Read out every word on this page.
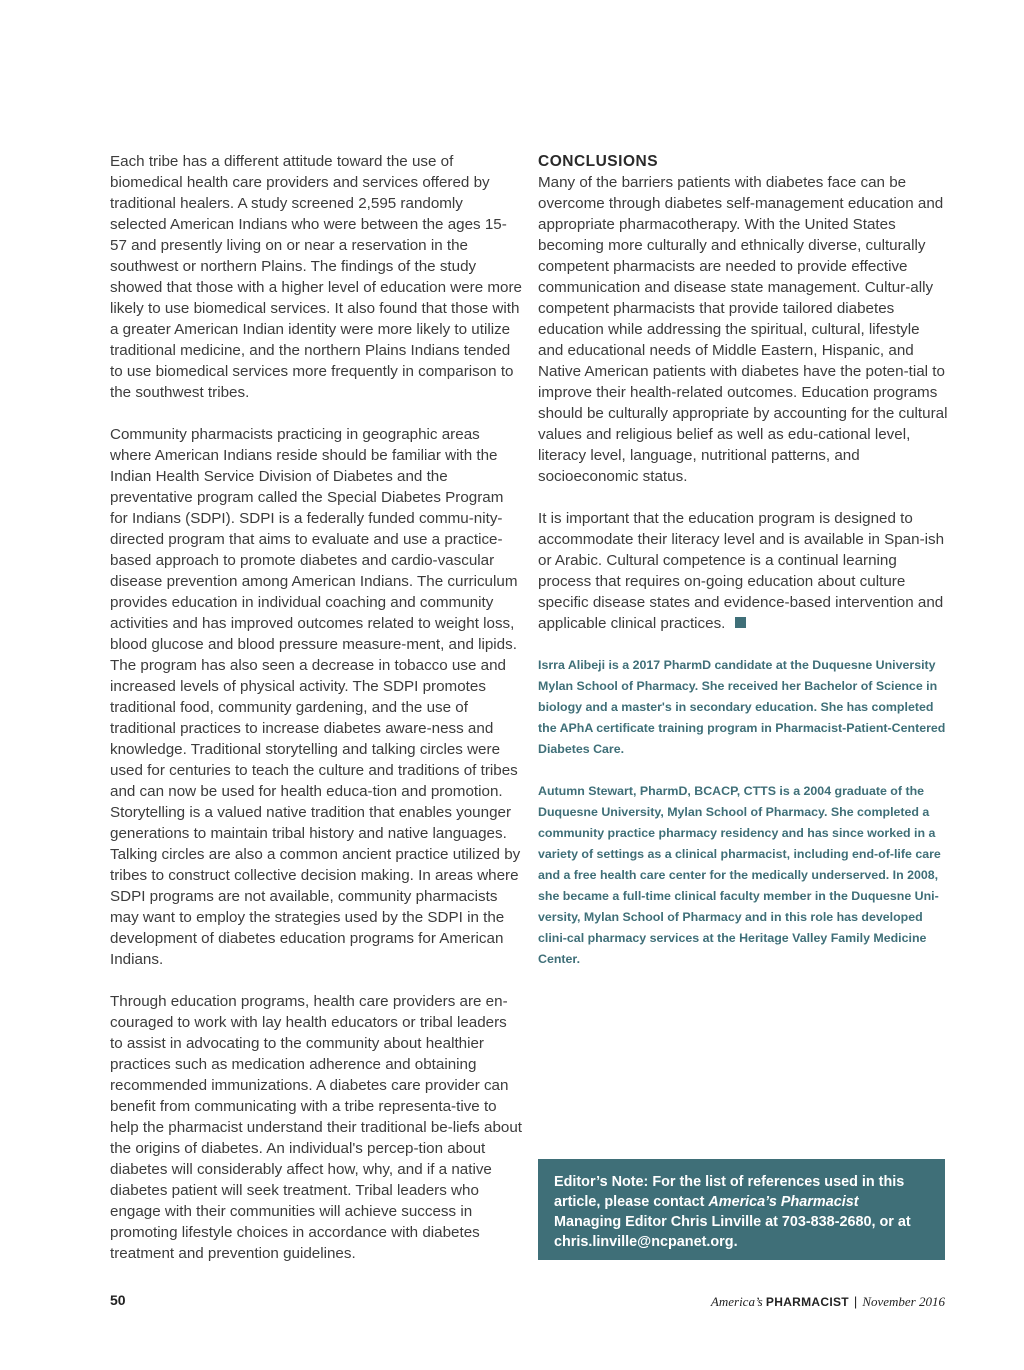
Each tribe has a different attitude toward the use of biomedical health care providers and services offered by traditional healers. A study screened 2,595 randomly selected American Indians who were between the ages 15-57 and presently living on or near a reservation in the southwest or northern Plains. The findings of the study showed that those with a higher level of education were more likely to use biomedical services. It also found that those with a greater American Indian identity were more likely to utilize traditional medicine, and the northern Plains Indians tended to use biomedical services more frequently in comparison to the southwest tribes.

Community pharmacists practicing in geographic areas where American Indians reside should be familiar with the Indian Health Service Division of Diabetes and the preventative program called the Special Diabetes Program for Indians (SDPI). SDPI is a federally funded commu-nity-directed program that aims to evaluate and use a practice-based approach to promote diabetes and cardio-vascular disease prevention among American Indians. The curriculum provides education in individual coaching and community activities and has improved outcomes related to weight loss, blood glucose and blood pressure measure-ment, and lipids. The program has also seen a decrease in tobacco use and increased levels of physical activity. The SDPI promotes traditional food, community gardening, and the use of traditional practices to increase diabetes aware-ness and knowledge. Traditional storytelling and talking circles were used for centuries to teach the culture and traditions of tribes and can now be used for health educa-tion and promotion. Storytelling is a valued native tradition that enables younger generations to maintain tribal history and native languages. Talking circles are also a common ancient practice utilized by tribes to construct collective decision making. In areas where SDPI programs are not available, community pharmacists may want to employ the strategies used by the SDPI in the development of diabetes education programs for American Indians.

Through education programs, health care providers are en-couraged to work with lay health educators or tribal leaders to assist in advocating to the community about healthier practices such as medication adherence and obtaining recommended immunizations. A diabetes care provider can benefit from communicating with a tribe representa-tive to help the pharmacist understand their traditional be-liefs about the origins of diabetes. An individual's percep-tion about diabetes will considerably affect how, why, and if a native diabetes patient will seek treatment. Tribal leaders who engage with their communities will achieve success in promoting lifestyle choices in accordance with diabetes treatment and prevention guidelines.

CONCLUSIONS

Many of the barriers patients with diabetes face can be overcome through diabetes self-management education and appropriate pharmacotherapy. With the United States becoming more culturally and ethnically diverse, culturally competent pharmacists are needed to provide effective communication and disease state management. Cultur-ally competent pharmacists that provide tailored diabetes education while addressing the spiritual, cultural, lifestyle and educational needs of Middle Eastern, Hispanic, and Native American patients with diabetes have the poten-tial to improve their health-related outcomes. Education programs should be culturally appropriate by accounting for the cultural values and religious belief as well as edu-cational level, literacy level, language, nutritional patterns, and socioeconomic status.

It is important that the education program is designed to accommodate their literacy level and is available in Span-ish or Arabic. Cultural competence is a continual learning process that requires on-going education about culture specific disease states and evidence-based intervention and applicable clinical practices.

Isrra Alibeji is a 2017 PharmD candidate at the Duquesne University Mylan School of Pharmacy. She received her Bachelor of Science in biology and a master's in secondary education. She has completed the APhA certificate training program in Pharmacist-Patient-Centered Diabetes Care.

Autumn Stewart, PharmD, BCACP, CTTS is a 2004 graduate of the Duquesne University, Mylan School of Pharmacy. She completed a community practice pharmacy residency and has since worked in a variety of settings as a clinical pharmacist, including end-of-life care and a free health care center for the medically underserved. In 2008, she became a full-time clinical faculty member in the Duquesne Uni-versity, Mylan School of Pharmacy and in this role has developed clini-cal pharmacy services at the Heritage Valley Family Medicine Center.

Editor’s Note: For the list of references used in this article, please contact America’s Pharmacist Managing Editor Chris Linville at 703-838-2680, or at chris.linville@ncpanet.org.
50	America’s PHARMACIST | November 2016
